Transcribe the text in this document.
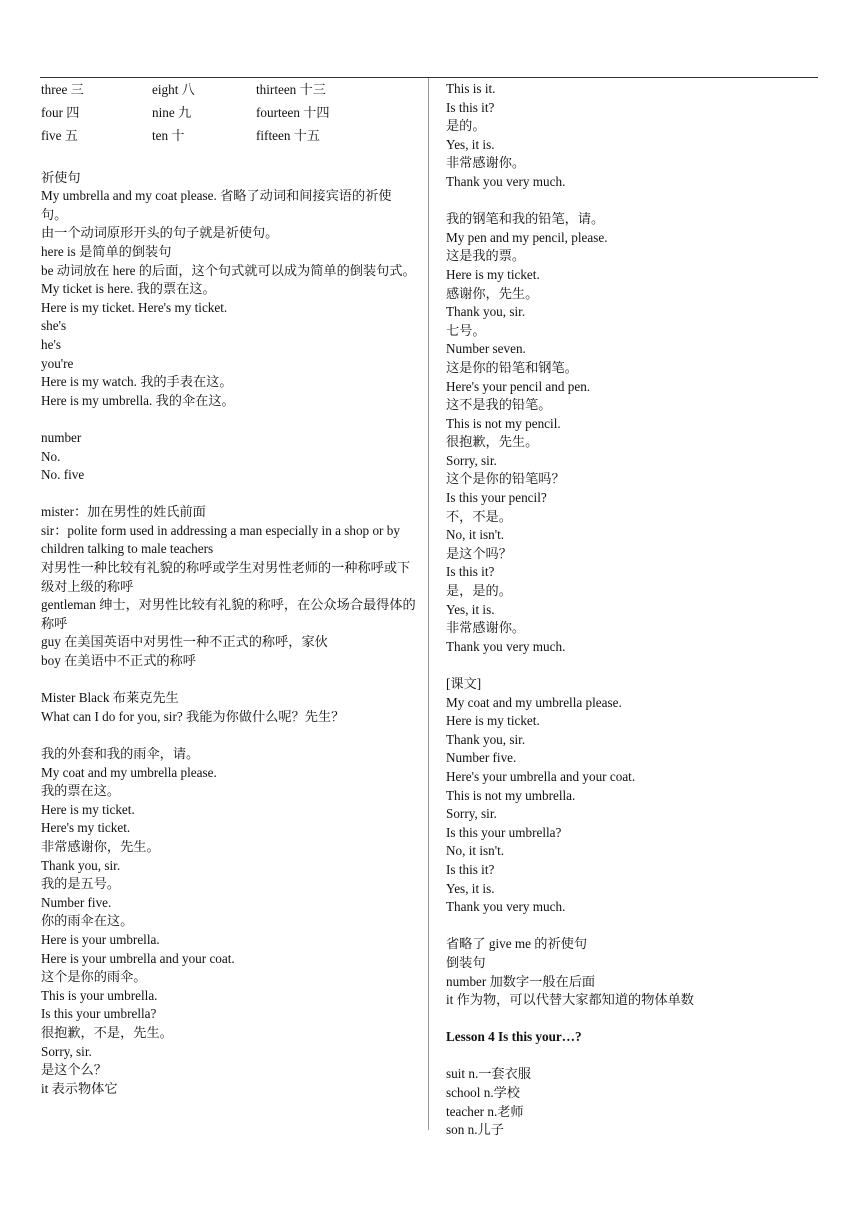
three 三	eight 八	thirteen 十三
four 四	nine 九	fourteen 十四
five 五	ten 十	fifteen 十五
祈使句
My umbrella and my coat please. 省略了动词和间接宾语的祈使句。
由一个动词原形开头的句子就是祈使句。
here is 是简单的倒装句
be 动词放在 here 的后面，这个句式就可以成为简单的倒装句式。
My ticket is here. 我的票在这。
Here is my ticket. Here's my ticket.
she's
he's
you're
Here is my watch. 我的手表在这。
Here is my umbrella. 我的伞在这。
number
No.
No. five
mister：加在男性的姓氏前面
sir：polite form used in addressing a man especially in a shop or by children talking to male teachers
对男性一种比较有礼貌的称呼或学生对男性老师的一种称呼或下级对上级的称呼
gentleman 绅士，对男性比较有礼貌的称呼，在公众场合最得体的称呼
guy 在美国英语中对男性一种不正式的称呼，家伙
boy 在美语中不正式的称呼
Mister Black 布莱克先生
What can I do for you, sir? 我能为你做什么呢？先生？
我的外套和我的雨伞，请。
My coat and my umbrella please.
我的票在这。
Here is my ticket.
Here's my ticket.
非常感谢你，先生。
Thank you, sir.
我的是五号。
Number five.
你的雨伞在这。
Here is your umbrella.
Here is your umbrella and your coat.
这个是你的雨伞。
This is your umbrella.
Is this your umbrella?
很抱歉，不是，先生。
Sorry, sir.
是这个么？
it 表示物体它
This is it.
Is this it?
是的。
Yes, it is.
非常感谢你。
Thank you very much.
我的钢笔和我的铅笔，请。
My pen and my pencil, please.
这是我的票。
Here is my ticket.
感谢你，先生。
Thank you, sir.
七号。
Number seven.
这是你的铅笔和钢笔。
Here's your pencil and pen.
这不是我的铅笔。
This is not my pencil.
很抱歉，先生。
Sorry, sir.
这个是你的铅笔吗？
Is this your pencil?
不，不是。
No, it isn't.
是这个吗？
Is this it?
是，是的。
Yes, it is.
非常感谢你。
Thank you very much.
[课文]
My coat and my umbrella please.
Here is my ticket.
Thank you, sir.
Number five.
Here's your umbrella and your coat.
This is not my umbrella.
Sorry, sir.
Is this your umbrella?
No, it isn't.
Is this it?
Yes, it is.
Thank you very much.
省略了 give me 的祈使句
倒装句
number 加数字一般在后面
it 作为物，可以代替大家都知道的物体单数
Lesson 4 Is this your…?
suit n.一套衣服
school n.学校
teacher n.老师
son n.儿子
